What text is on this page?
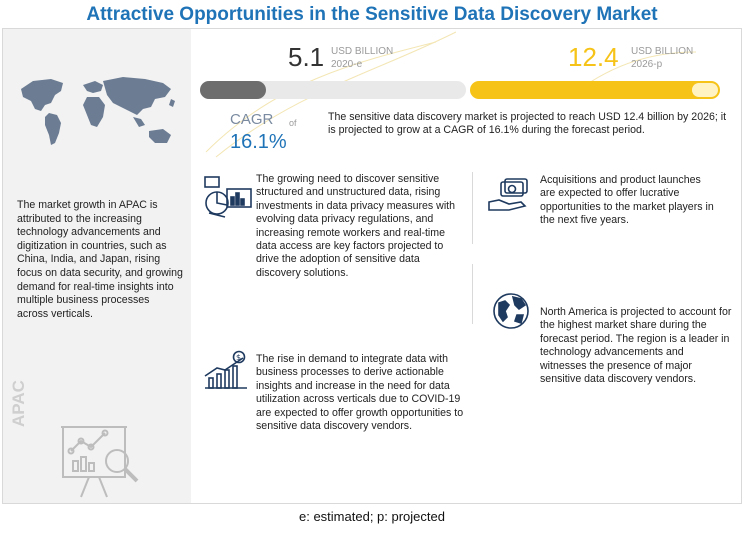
Attractive Opportunities in the Sensitive Data Discovery Market
The market growth in APAC is attributed to the increasing technology advancements and digitization in countries, such as China, India, and Japan, rising focus on data security, and growing demand for real-time insights into multiple business processes across verticals.
APAC
5.1 USD BILLION
2020-e	12.4 USD BILLION
2026-p
CAGR of
16.1%
The sensitive data discovery market is projected to reach USD 12.4 billion by 2026; it is projected to grow at a CAGR of 16.1% during the forecast period.
The growing need to discover sensitive structured and unstructured data, rising investments in data privacy measures with evolving data privacy regulations, and increasing remote workers and real-time data access are key factors projected to drive the adoption of sensitive data discovery solutions.
Acquisitions and product launches are expected to offer lucrative opportunities to the market players in the next five years.
North America is projected to account for the highest market share during the forecast period. The region is a leader in technology advancements and witnesses the presence of major sensitive data discovery vendors.
$ The rise in demand to integrate data with business processes to derive actionable insights and increase in the need for data utilization across verticals due to COVID-19 are expected to offer growth opportunities to sensitive data discovery vendors.
e: estimated; p: projected
